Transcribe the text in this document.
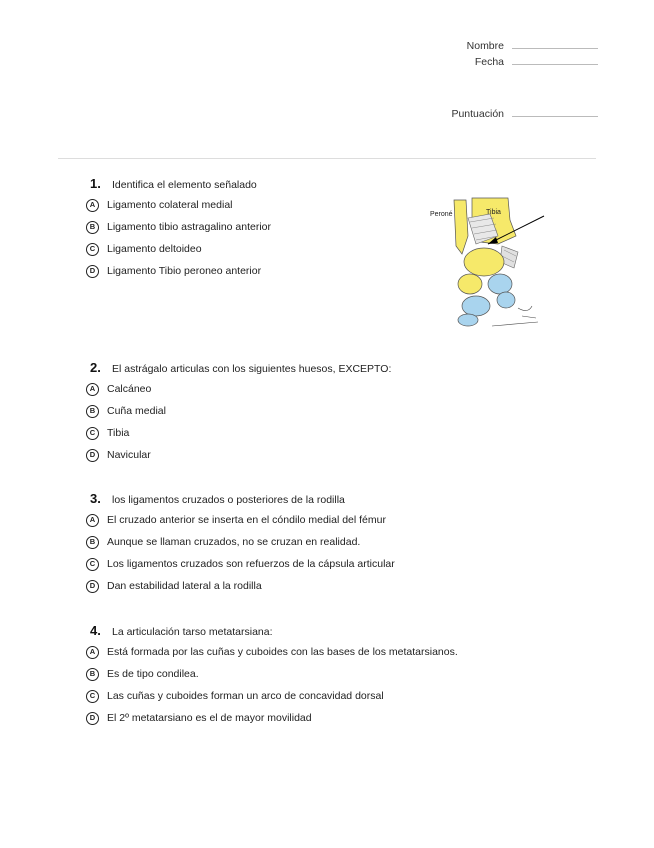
Nombre
Fecha
Puntuación
1.	Identifica el elemento señalado
A	Ligamento colateral medial
B	Ligamento tibio astragalino anterior
C	Ligamento deltoideo
D	Ligamento Tibio peroneo anterior
Peroné	Tibia
2.	El astrágalo articulas con los siguientes huesos, EXCEPTO:
A	Calcáneo
B	Cuña medial
C	Tibia
D	Navicular
3.	los ligamentos cruzados o posteriores de la rodilla
A	El cruzado anterior se inserta en el cóndilo medial del fémur
B	Aunque se llaman cruzados, no se cruzan en realidad.
C	Los ligamentos cruzados son refuerzos de la cápsula articular
D	Dan estabilidad lateral a la rodilla
4.	La articulación tarso metatarsiana:
A	Está formada por las cuñas y cuboides con las bases de los metatarsianos.
B	Es de tipo condilea.
C	Las cuñas y cuboides forman un arco de concavidad dorsal
D	El 2º metatarsiano es el de mayor movilidad
